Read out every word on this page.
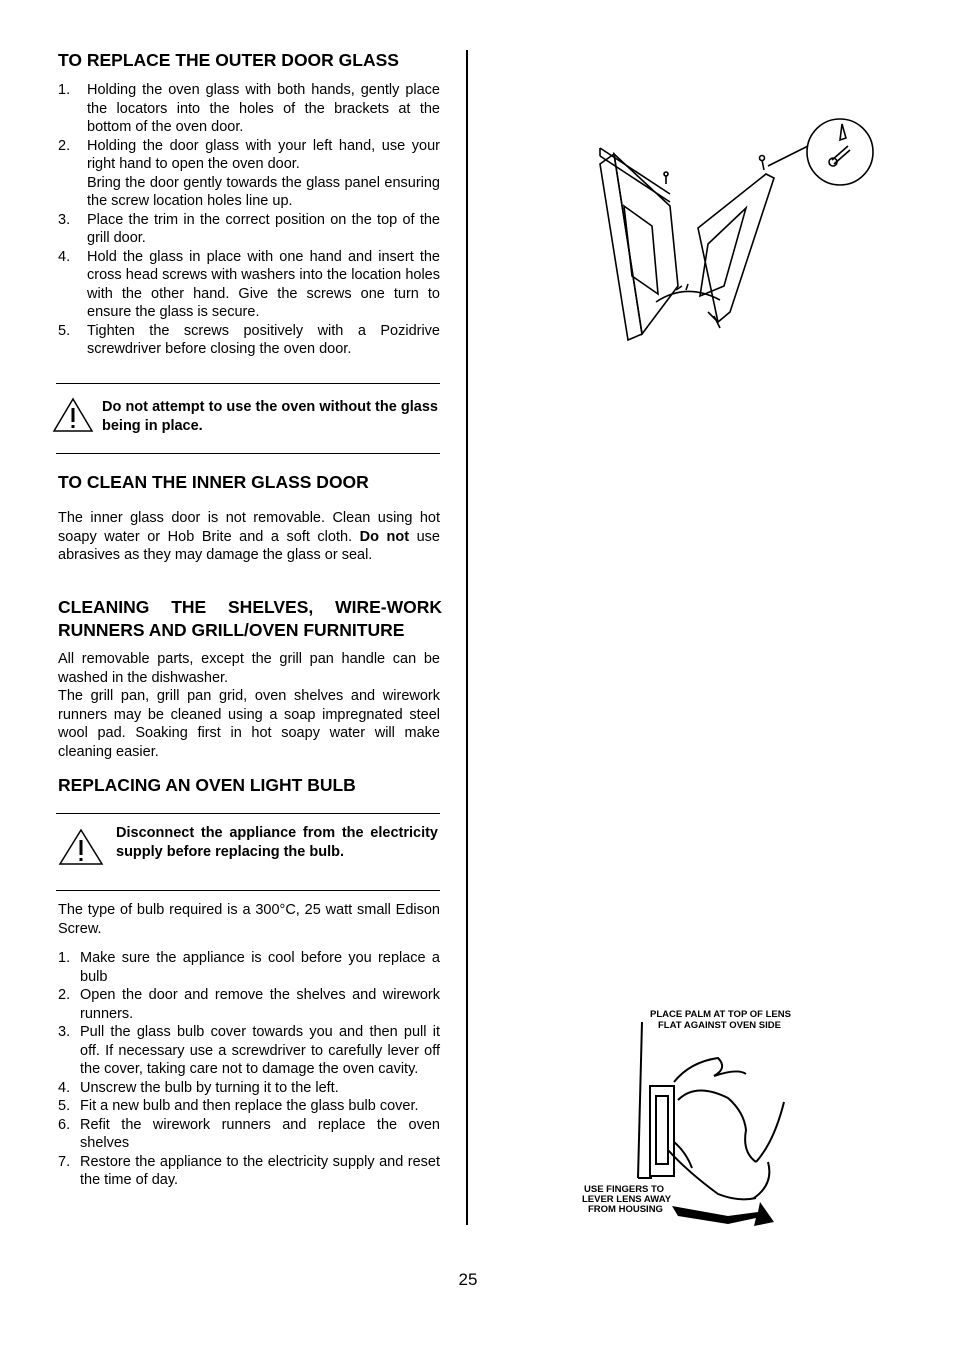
TO REPLACE THE OUTER DOOR GLASS
1. Holding the oven glass with both hands, gently place the locators into the holes of the brackets at the bottom of the oven door.
2. Holding the door glass with your left hand, use your right hand to open the oven door.
Bring the door gently towards the glass panel ensuring the screw location holes line up.
3. Place the trim in the correct position on the top of the grill door.
4. Hold the glass in place with one hand and insert the cross head screws with washers into the location holes with the other hand. Give the screws one turn to ensure the glass is secure.
5. Tighten the screws positively with a Pozidrive screwdriver before closing the oven door.
Do not attempt to use the oven without the glass being in place.
TO CLEAN THE INNER GLASS DOOR

The inner glass door is not removable. Clean using hot soapy water or Hob Brite and a soft cloth. Do not use abrasives as they may damage the glass or seal.

CLEANING THE SHELVES, WIRE-WORK RUNNERS AND GRILL/OVEN FURNITURE

All removable parts, except the grill pan handle can be washed in the dishwasher.

The grill pan, grill pan grid, oven shelves and wirework runners may be cleaned using a soap impregnated steel wool pad. Soaking first in hot soapy water will make cleaning easier.

REPLACING AN OVEN LIGHT BULB
Disconnect the appliance from the electricity supply before replacing the bulb.

The type of bulb required is a 300°C, 25 watt small Edison Screw.

1. Make sure the appliance is cool before you replace a bulb
2. Open the door and remove the shelves and wirework runners.
3. Pull the glass bulb cover towards you and then pull it off. If necessary use a screwdriver to carefully lever off the cover, taking care not to damage the oven cavity.
4. Unscrew the bulb by turning it to the left.
5. Fit a new bulb and then replace the glass bulb cover.
6. Refit the wirework runners and replace the oven shelves
7. Restore the appliance to the electricity supply and reset the time of day.
PLACE PALM AT TOP OF LENS
FLAT AGAINST OVEN SIDE
USE FINGERS TO
LEVER LENS AWAY
FROM HOUSING
25
